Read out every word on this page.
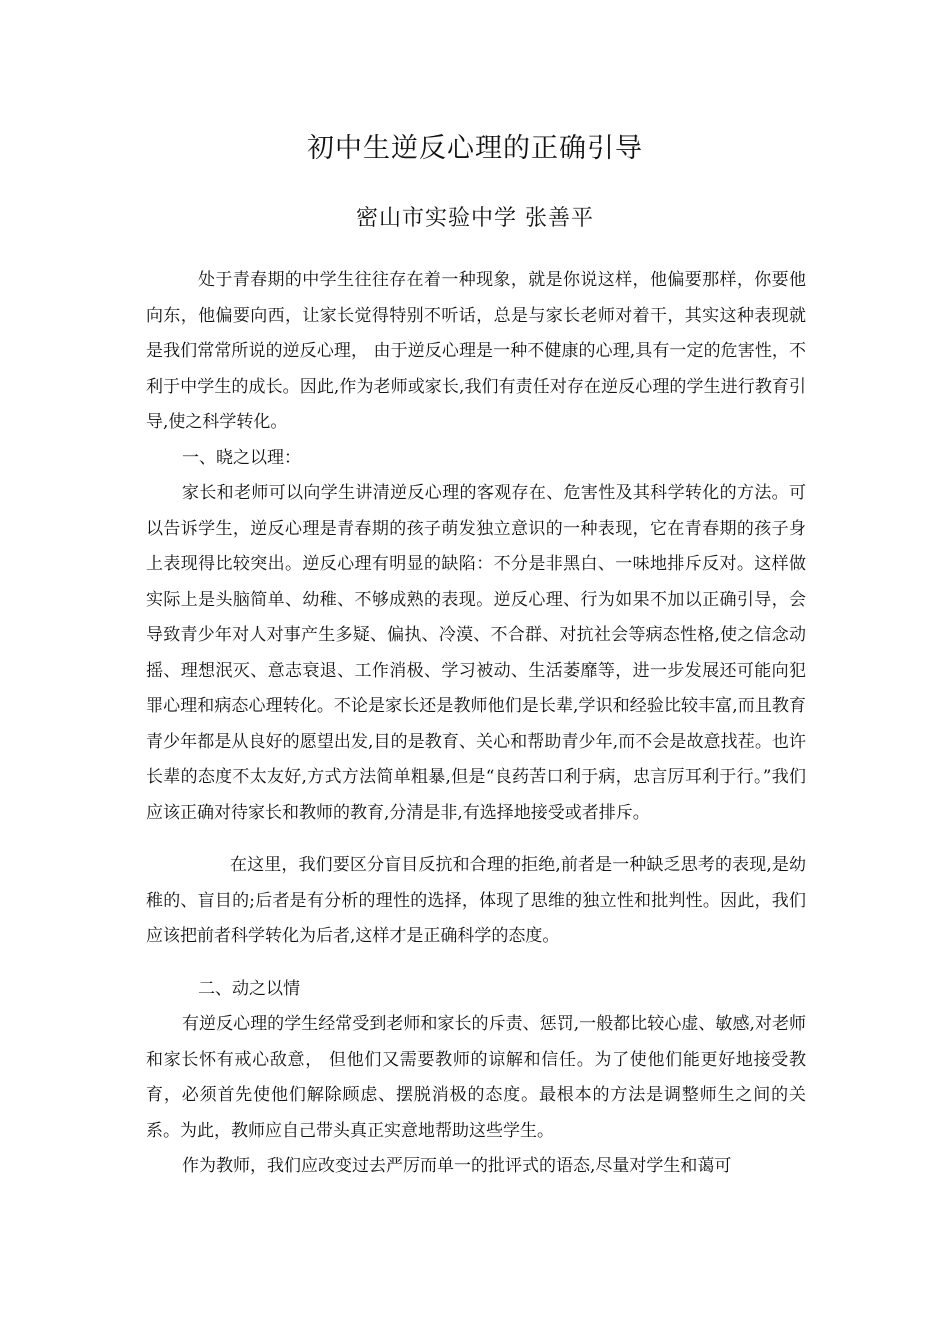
初中生逆反心理的正确引导
密山市实验中学 张善平

处于青春期的中学生往往存在着一种现象，就是你说这样，他偏要那样，你要他向东，他偏要向西，让家长觉得特别不听话，总是与家长老师对着干，其实这种表现就是我们常常所说的逆反心理， 由于逆反心理是一种不健康的心理,具有一定的危害性，不利于中学生的成长。因此,作为老师或家长,我们有责任对存在逆反心理的学生进行教育引导,使之科学转化。

一、晓之以理：

家长和老师可以向学生讲清逆反心理的客观存在、危害性及其科学转化的方法。可以告诉学生，逆反心理是青春期的孩子萌发独立意识的一种表现，它在青春期的孩子身上表现得比较突出。逆反心理有明显的缺陷：不分是非黑白、一味地排斥反对。这样做实际上是头脑简单、幼稚、不够成熟的表现。逆反心理、行为如果不加以正确引导，会导致青少年对人对事产生多疑、偏执、冷漠、不合群、对抗社会等病态性格,使之信念动摇、理想泯灭、意志衰退、工作消极、学习被动、生活萎靡等，进一步发展还可能向犯罪心理和病态心理转化。不论是家长还是教师他们是长辈,学识和经验比较丰富,而且教育青少年都是从良好的愿望出发,目的是教育、关心和帮助青少年,而不会是故意找茬。也许长辈的态度不太友好,方式方法简单粗暴,但是“良药苦口利于病，忠言厉耳利于行。”我们应该正确对待家长和教师的教育,分清是非,有选择地接受或者排斥。

在这里，我们要区分盲目反抗和合理的拒绝,前者是一种缺乏思考的表现,是幼稚的、盲目的;后者是有分析的理性的选择，体现了思维的独立性和批判性。因此，我们应该把前者科学转化为后者,这样才是正确科学的态度。

二、动之以情

有逆反心理的学生经常受到老师和家长的斥责、惩罚,一般都比较心虚、敏感,对老师和家长怀有戒心敌意， 但他们又需要教师的谅解和信任。为了使他们能更好地接受教育，必须首先使他们解除顾虑、摆脱消极的态度。最根本的方法是调整师生之间的关系。为此，教师应自己带头真正实意地帮助这些学生。

作为教师，我们应改变过去严厉而单一的批评式的语态,尽量对学生和蔼可
